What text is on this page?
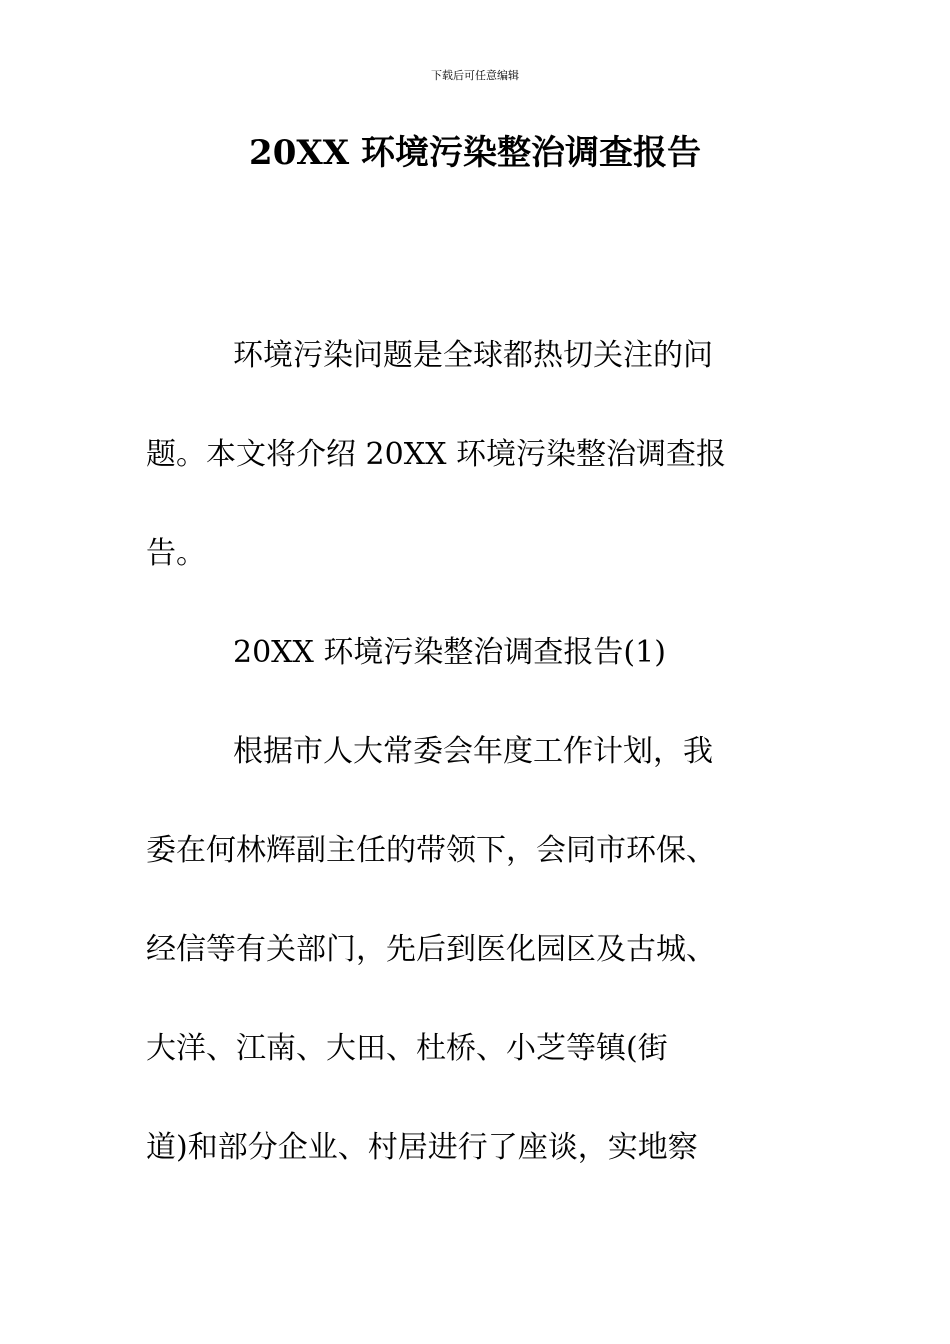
下载后可任意编辑
20XX 环境污染整治调查报告
环境污染问题是全球都热切关注的问
题。本文将介绍 20XX 环境污染整治调查报
告。
20XX 环境污染整治调查报告(1)
根据市人大常委会年度工作计划，我
委在何林辉副主任的带领下，会同市环保、
经信等有关部门，先后到医化园区及古城、
大洋、江南、大田、杜桥、小芝等镇(街
道)和部分企业、村居进行了座谈，实地察
